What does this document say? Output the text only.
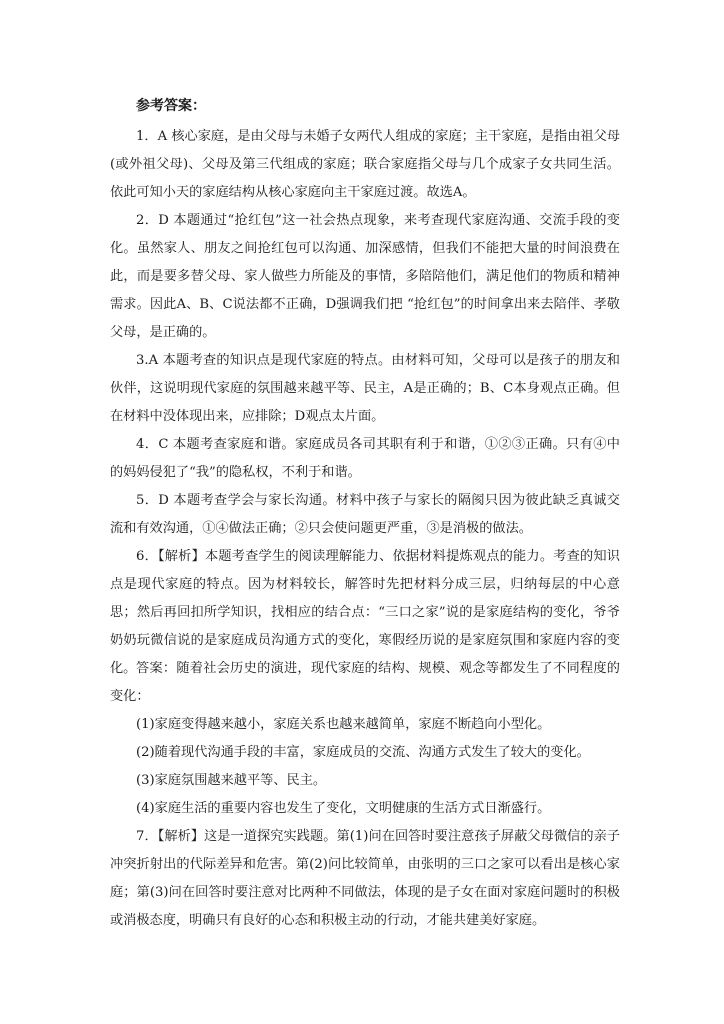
参考答案：

1．A 核心家庭，是由父母与未婚子女两代人组成的家庭；主干家庭，是指由祖父母(或外祖父母)、父母及第三代组成的家庭；联合家庭指父母与几个成家子女共同生活。依此可知小天的家庭结构从核心家庭向主干家庭过渡。故选A。

2．D 本题通过“抢红包”这一社会热点现象，来考查现代家庭沟通、交流手段的变化。虽然家人、朋友之间抢红包可以沟通、加深感情，但我们不能把大量的时间浪费在此，而是要多替父母、家人做些力所能及的事情，多陪陪他们，满足他们的物质和精神需求。因此A、B、C说法都不正确，D强调我们把 “抢红包”的时间拿出来去陪伴、孝敬父母，是正确的。

3.A 本题考查的知识点是现代家庭的特点。由材料可知，父母可以是孩子的朋友和伙伴，这说明现代家庭的氛围越来越平等、民主，A是正确的；B、C本身观点正确。但在材料中没体现出来，应排除；D观点太片面。

4．C 本题考查家庭和谐。家庭成员各司其职有利于和谐，①②③正确。只有④中的妈妈侵犯了“我”的隐私权，不利于和谐。

5．D 本题考查学会与家长沟通。材料中孩子与家长的隔阂只因为彼此缺乏真诚交流和有效沟通，①④做法正确；②只会使问题更严重，③是消极的做法。

6．【解析】本题考查学生的阅读理解能力、依据材料提炼观点的能力。考查的知识点是现代家庭的特点。因为材料较长，解答时先把材料分成三层，归纳每层的中心意思；然后再回扣所学知识，找相应的结合点：“三口之家”说的是家庭结构的变化，爷爷奶奶玩微信说的是家庭成员沟通方式的变化，寒假经历说的是家庭氛围和家庭内容的变化。 答案：随着社会历史的演进，现代家庭的结构、规模、观念等都发生了不同程度的变化：

(1)家庭变得越来越小，家庭关系也越来越简单，家庭不断趋向小型化。

(2)随着现代沟通手段的丰富，家庭成员的交流、沟通方式发生了较大的变化。

(3)家庭氛围越来越平等、民主。

(4)家庭生活的重要内容也发生了变化，文明健康的生活方式日渐盛行。

7．【解析】这是一道探究实践题。第(1)问在回答时要注意孩子屏蔽父母微信的亲子冲突折射出的代际差异和危害。第(2)问比较简单，由张明的三口之家可以看出是核心家庭；第(3)问在回答时要注意对比两种不同做法，体现的是子女在面对家庭问题时的积极或消极态度，明确只有良好的心态和积极主动的行动，才能共建美好家庭。
